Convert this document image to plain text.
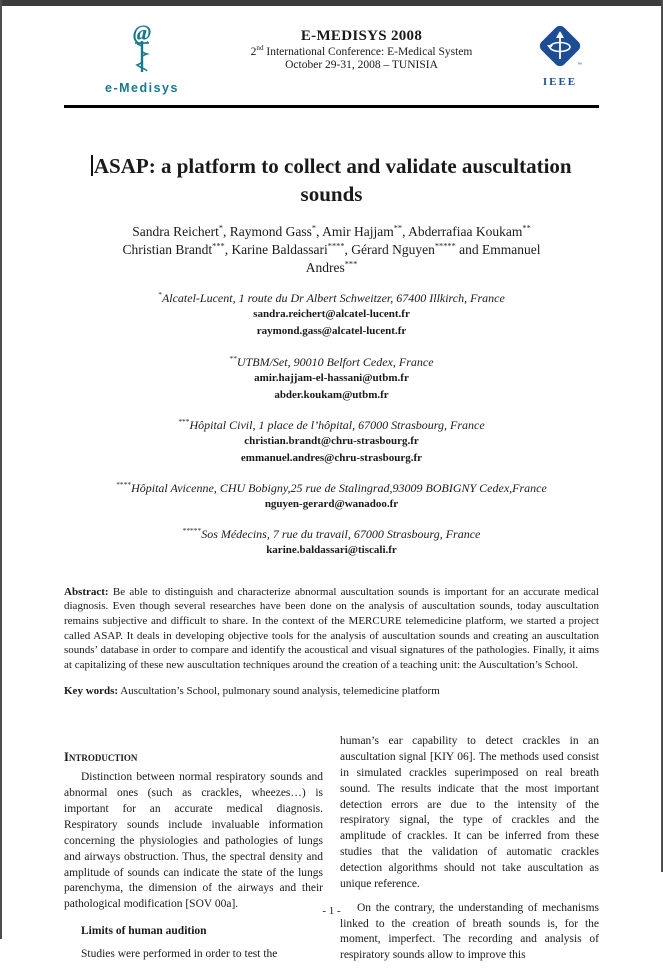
@
e-Medisys
E-MEDISYS 2008
2nd International Conference: E-Medical System
October 29-31, 2008 – TUNISIA	™
IEEE
ASAP: a platform to collect and validate auscultation
sounds
Sandra Reichert*, Raymond Gass*, Amir Hajjam**, Abderrafiaa Koukam**
Christian Brandt***, Karine Baldassari****, Gérard Nguyen***** and Emmanuel
Andres***
*Alcatel-Lucent, 1 route du Dr Albert Schweitzer, 67400 Illkirch, France
sandra.reichert@alcatel-lucent.fr
raymond.gass@alcatel-lucent.fr
**UTBM/Set, 90010 Belfort Cedex, France
amir.hajjam-el-hassani@utbm.fr
abder.koukam@utbm.fr
***Hôpital Civil, 1 place de l’hôpital, 67000 Strasbourg, France
christian.brandt@chru-strasbourg.fr
emmanuel.andres@chru-strasbourg.fr
****Hôpital Avicenne, CHU Bobigny,25 rue de Stalingrad,93009 BOBIGNY Cedex,France
nguyen-gerard@wanadoo.fr
*****Sos Médecins, 7 rue du travail, 67000 Strasbourg, France
karine.baldassari@tiscali.fr

Abstract: Be able to distinguish and characterize abnormal auscultation sounds is important for an accurate medical diagnosis. Even though several researches have been done on the analysis of auscultation sounds, today auscultation remains subjective and difficult to share. In the context of the MERCURE telemedicine platform, we started a project called ASAP. It deals in developing objective tools for the analysis of auscultation sounds and creating an auscultation sounds’ database in order to compare and identify the acoustical and visual signatures of the pathologies. Finally, it aims at capitalizing of these new auscultation techniques around the creation of a teaching unit: the Auscultation’s School.

Key words: Auscultation’s School, pulmonary sound analysis, telemedicine platform

Introduction

Distinction between normal respiratory sounds and abnormal ones (such as crackles, wheezes…) is important for an accurate medical diagnosis. Respiratory sounds include invaluable information concerning the physiologies and pathologies of lungs and airways obstruction. Thus, the spectral density and amplitude of sounds can indicate the state of the lungs parenchyma, the dimension of the airways and their pathological modification [SOV 00a].

Limits of human audition

Studies were performed in order to test the

human’s ear capability to detect crackles in an auscultation signal [KIY 06]. The methods used consist in simulated crackles superimposed on real breath sound. The results indicate that the most important detection errors are due to the intensity of the respiratory signal, the type of crackles and the amplitude of crackles. It can be inferred from these studies that the validation of automatic crackles detection algorithms should not take auscultation as unique reference.

On the contrary, the understanding of mechanisms linked to the creation of breath sounds is, for the moment, imperfect. The recording and analysis of respiratory sounds allow to improve this

- 1 -
